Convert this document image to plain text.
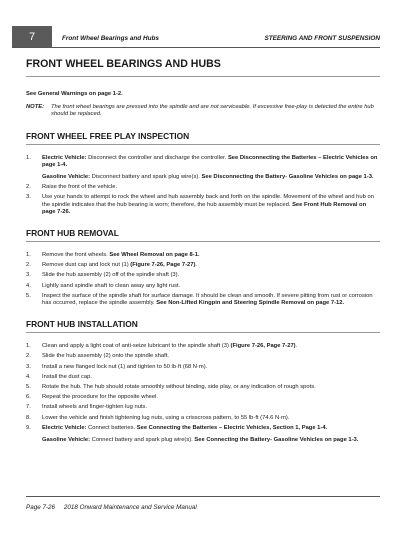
7	Front Wheel Bearings and Hubs	STEERING AND FRONT SUSPENSION
FRONT WHEEL BEARINGS AND HUBS
See General Warnings on page 1-2.
NOTE:	The front wheel bearings are pressed into the spindle and are not serviceable. If excessive free-play is detected the entire hub should be replaced.
FRONT WHEEL FREE PLAY INSPECTION
1.	Electric Vehicle: Disconnect the controller and discharge the controller. See Disconnecting the Batteries – Electric Vehicles on page 1-4.
Gasoline Vehicle: Disconnect battery and spark plug wire(s). See Disconnecting the Battery- Gasoline Vehicles on page 1-3.
2.	Raise the front of the vehicle.
3.	Use your hands to attempt to rock the wheel and hub assembly back and forth on the spindle. Movement of the wheel and hub on the spindle indicates that the hub bearing is worn; therefore, the hub assembly must be replaced. See Front Hub Removal on page 7-26.
FRONT HUB REMOVAL
1.	Remove the front wheels. See Wheel Removal on page 8-1.
2.	Remove dust cap and lock nut (1) (Figure 7-26, Page 7-27).
3.	Slide the hub assembly (2) off of the spindle shaft (3).
4.	Lightly sand spindle shaft to clean away any light rust.
5.	Inspect the surface of the spindle shaft for surface damage. It should be clean and smooth. If severe pitting from rust or corrosion has occurred, replace the spindle assembly. See Non-Lifted Kingpin and Steering Spindle Removal on page 7-12.
FRONT HUB INSTALLATION
1.	Clean and apply a light coat of anti-seize lubricant to the spindle shaft (3) (Figure 7-26, Page 7-27).
2.	Slide the hub assembly (2) onto the spindle shaft.
3.	Install a new flanged lock nut (1) and tighten to 50 lb·ft (68 N·m).
4.	Install the dust cap.
5.	Rotate the hub. The hub should rotate smoothly without binding, side play, or any indication of rough spots.
6.	Repeat the procedure for the opposite wheel.
7.	Install wheels and finger-tighten lug nuts.
8.	Lower the vehicle and finish tightening lug nuts, using a crisscross pattern, to 55 lb·ft (74.6 N·m).
9.	Electric Vehicle: Connect batteries. See Connecting the Batteries – Electric Vehicles, Section 1, Page 1-4.
Gasoline Vehicle: Connect battery and spark plug wire(s). See Connecting the Battery- Gasoline Vehicles on page 1-3.
Page 7-26 2018 Onward Maintenance and Service Manual
